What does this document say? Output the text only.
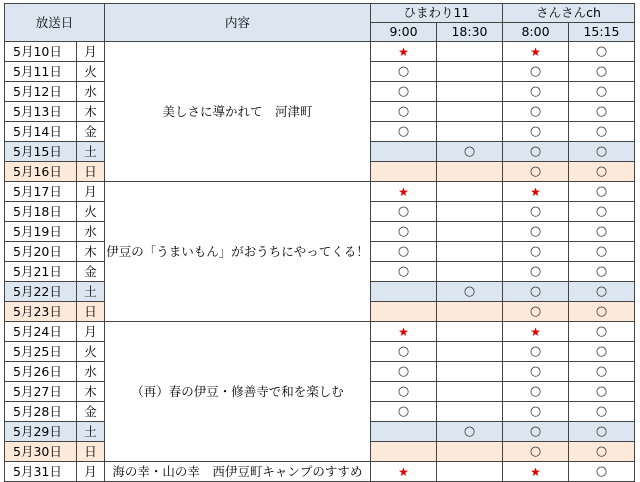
放送日		内容	ひまわり11		さんさんch	
			9:00	18:30	8:00	15:15
5月10日	月	美しさに導かれて　河津町	★		★	○
5月11日	火		○		○	○
5月12日	水		○		○	○
5月13日	木		○		○	○
5月14日	金		○		○	○
5月15日	土			○	○	○
5月16日	日				○	○
5月17日	月	伊豆の「うまいもん」がおうちにやってくる！	★		★	○
5月18日	火		○		○	○
5月19日	水		○		○	○
5月20日	木		○		○	○
5月21日	金		○		○	○
5月22日	土			○	○	○
5月23日	日				○	○
5月24日	月	（再）春の伊豆・修善寺で和を楽しむ	★		★	○
5月25日	火		○		○	○
5月26日	水		○		○	○
5月27日	木		○		○	○
5月28日	金		○		○	○
5月29日	土			○	○	○
5月30日	日				○	○
5月31日	月	海の幸・山の幸　西伊豆町キャンプのすすめ	★		★	○
